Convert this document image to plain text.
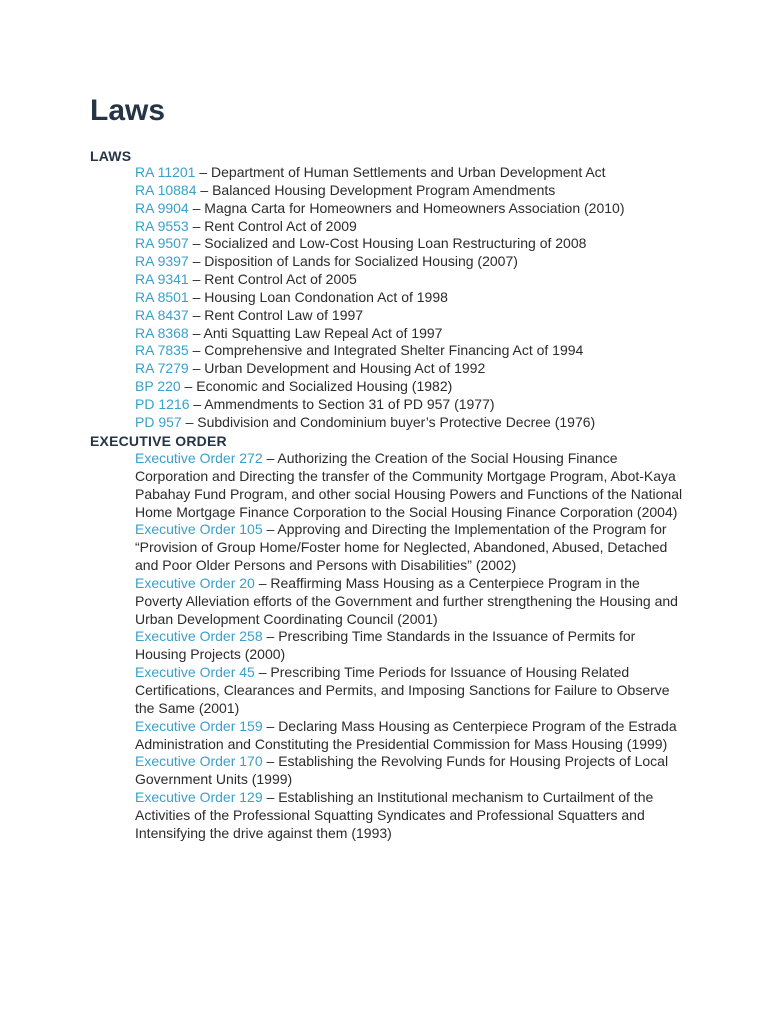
Laws
LAWS
RA 11201 – Department of Human Settlements and Urban Development Act
RA 10884 – Balanced Housing Development Program Amendments
RA 9904 – Magna Carta for Homeowners and Homeowners Association (2010)
RA 9553 – Rent Control Act of 2009
RA 9507 – Socialized and Low-Cost Housing Loan Restructuring of 2008
RA 9397 – Disposition of Lands for Socialized Housing (2007)
RA 9341 – Rent Control Act of 2005
RA 8501 – Housing Loan Condonation Act of 1998
RA 8437 – Rent Control Law of 1997
RA 8368 – Anti Squatting Law Repeal Act of 1997
RA 7835 – Comprehensive and Integrated Shelter Financing Act of 1994
RA 7279 – Urban Development and Housing Act of 1992
BP 220 – Economic and Socialized Housing (1982)
PD 1216 – Ammendments to Section 31 of PD 957 (1977)
PD 957 – Subdivision and Condominium buyer’s Protective Decree (1976)
EXECUTIVE ORDER
Executive Order 272 – Authorizing the Creation of the Social Housing Finance Corporation and Directing the transfer of the Community Mortgage Program, Abot-Kaya Pabahay Fund Program, and other social Housing Powers and Functions of the National Home Mortgage Finance Corporation to the Social Housing Finance Corporation (2004)
Executive Order 105 – Approving and Directing the Implementation of the Program for “Provision of Group Home/Foster home for Neglected, Abandoned, Abused, Detached and Poor Older Persons and Persons with Disabilities” (2002)
Executive Order 20 – Reaffirming Mass Housing as a Centerpiece Program in the Poverty Alleviation efforts of the Government and further strengthening the Housing and Urban Development Coordinating Council (2001)
Executive Order 258 – Prescribing Time Standards in the Issuance of Permits for Housing Projects (2000)
Executive Order 45 – Prescribing Time Periods for Issuance of Housing Related Certifications, Clearances and Permits, and Imposing Sanctions for Failure to Observe the Same (2001)
Executive Order 159 – Declaring Mass Housing as Centerpiece Program of the Estrada Administration and Constituting the Presidential Commission for Mass Housing (1999)
Executive Order 170 – Establishing the Revolving Funds for Housing Projects of Local Government Units (1999)
Executive Order 129 – Establishing an Institutional mechanism to Curtailment of the Activities of the Professional Squatting Syndicates and Professional Squatters and Intensifying the drive against them (1993)
